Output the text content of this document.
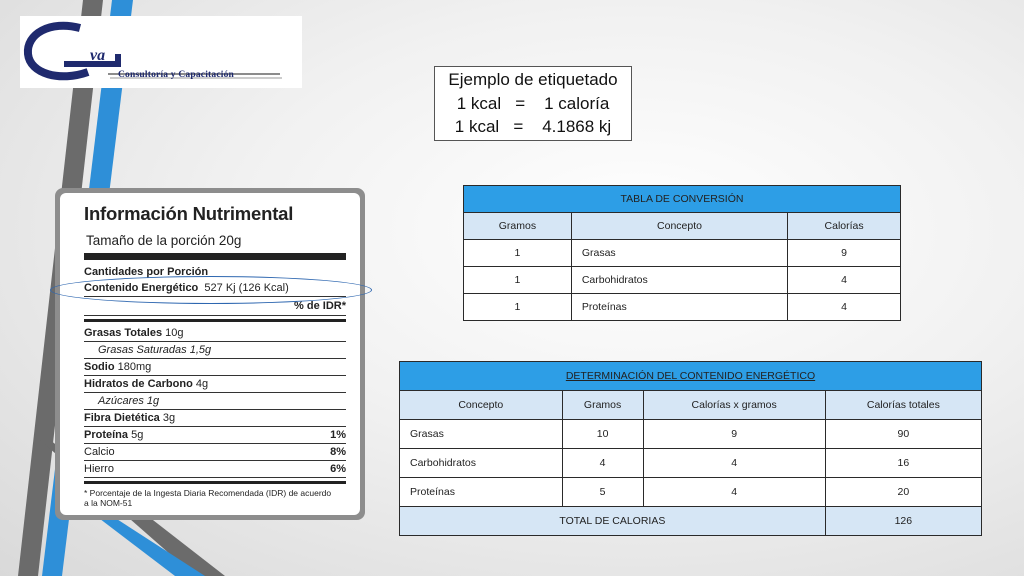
va
Consultoría y Capacitación	Ejemplo de etiquetado
1 kcal   =    1 caloría
1 kcal   =    4.1868 kj
Información Nutrimental
Tamaño de la porción 20g
Cantidades por Porción
Contenido Energético 527 Kj (126 Kcal)
% de IDR*
Grasas Totales 10g
Grasas Saturadas 1,5g
Sodio 180mg
Hidratos de Carbono 4g
Azúcares 1g
Fibra Dietética 3g
Proteína 5g	1%
Calcio	8%
Hierro	6%
* Porcentaje de la Ingesta Diaria Recomendada (IDR) de acuerdo a la NOM-51
TABLA DE CONVERSIÓN		
Gramos	Concepto	Calorías
1	Grasas	9
1	Carbohidratos	4
1	Proteínas	4
DETERMINACIÓN DEL CONTENIDO ENERGÉTICO			
Concepto	Gramos	Calorías x gramos	Calorías totales
Grasas	10	9	90
Carbohidratos	4	4	16
Proteínas	5	4	20
TOTAL DE CALORIAS			126
